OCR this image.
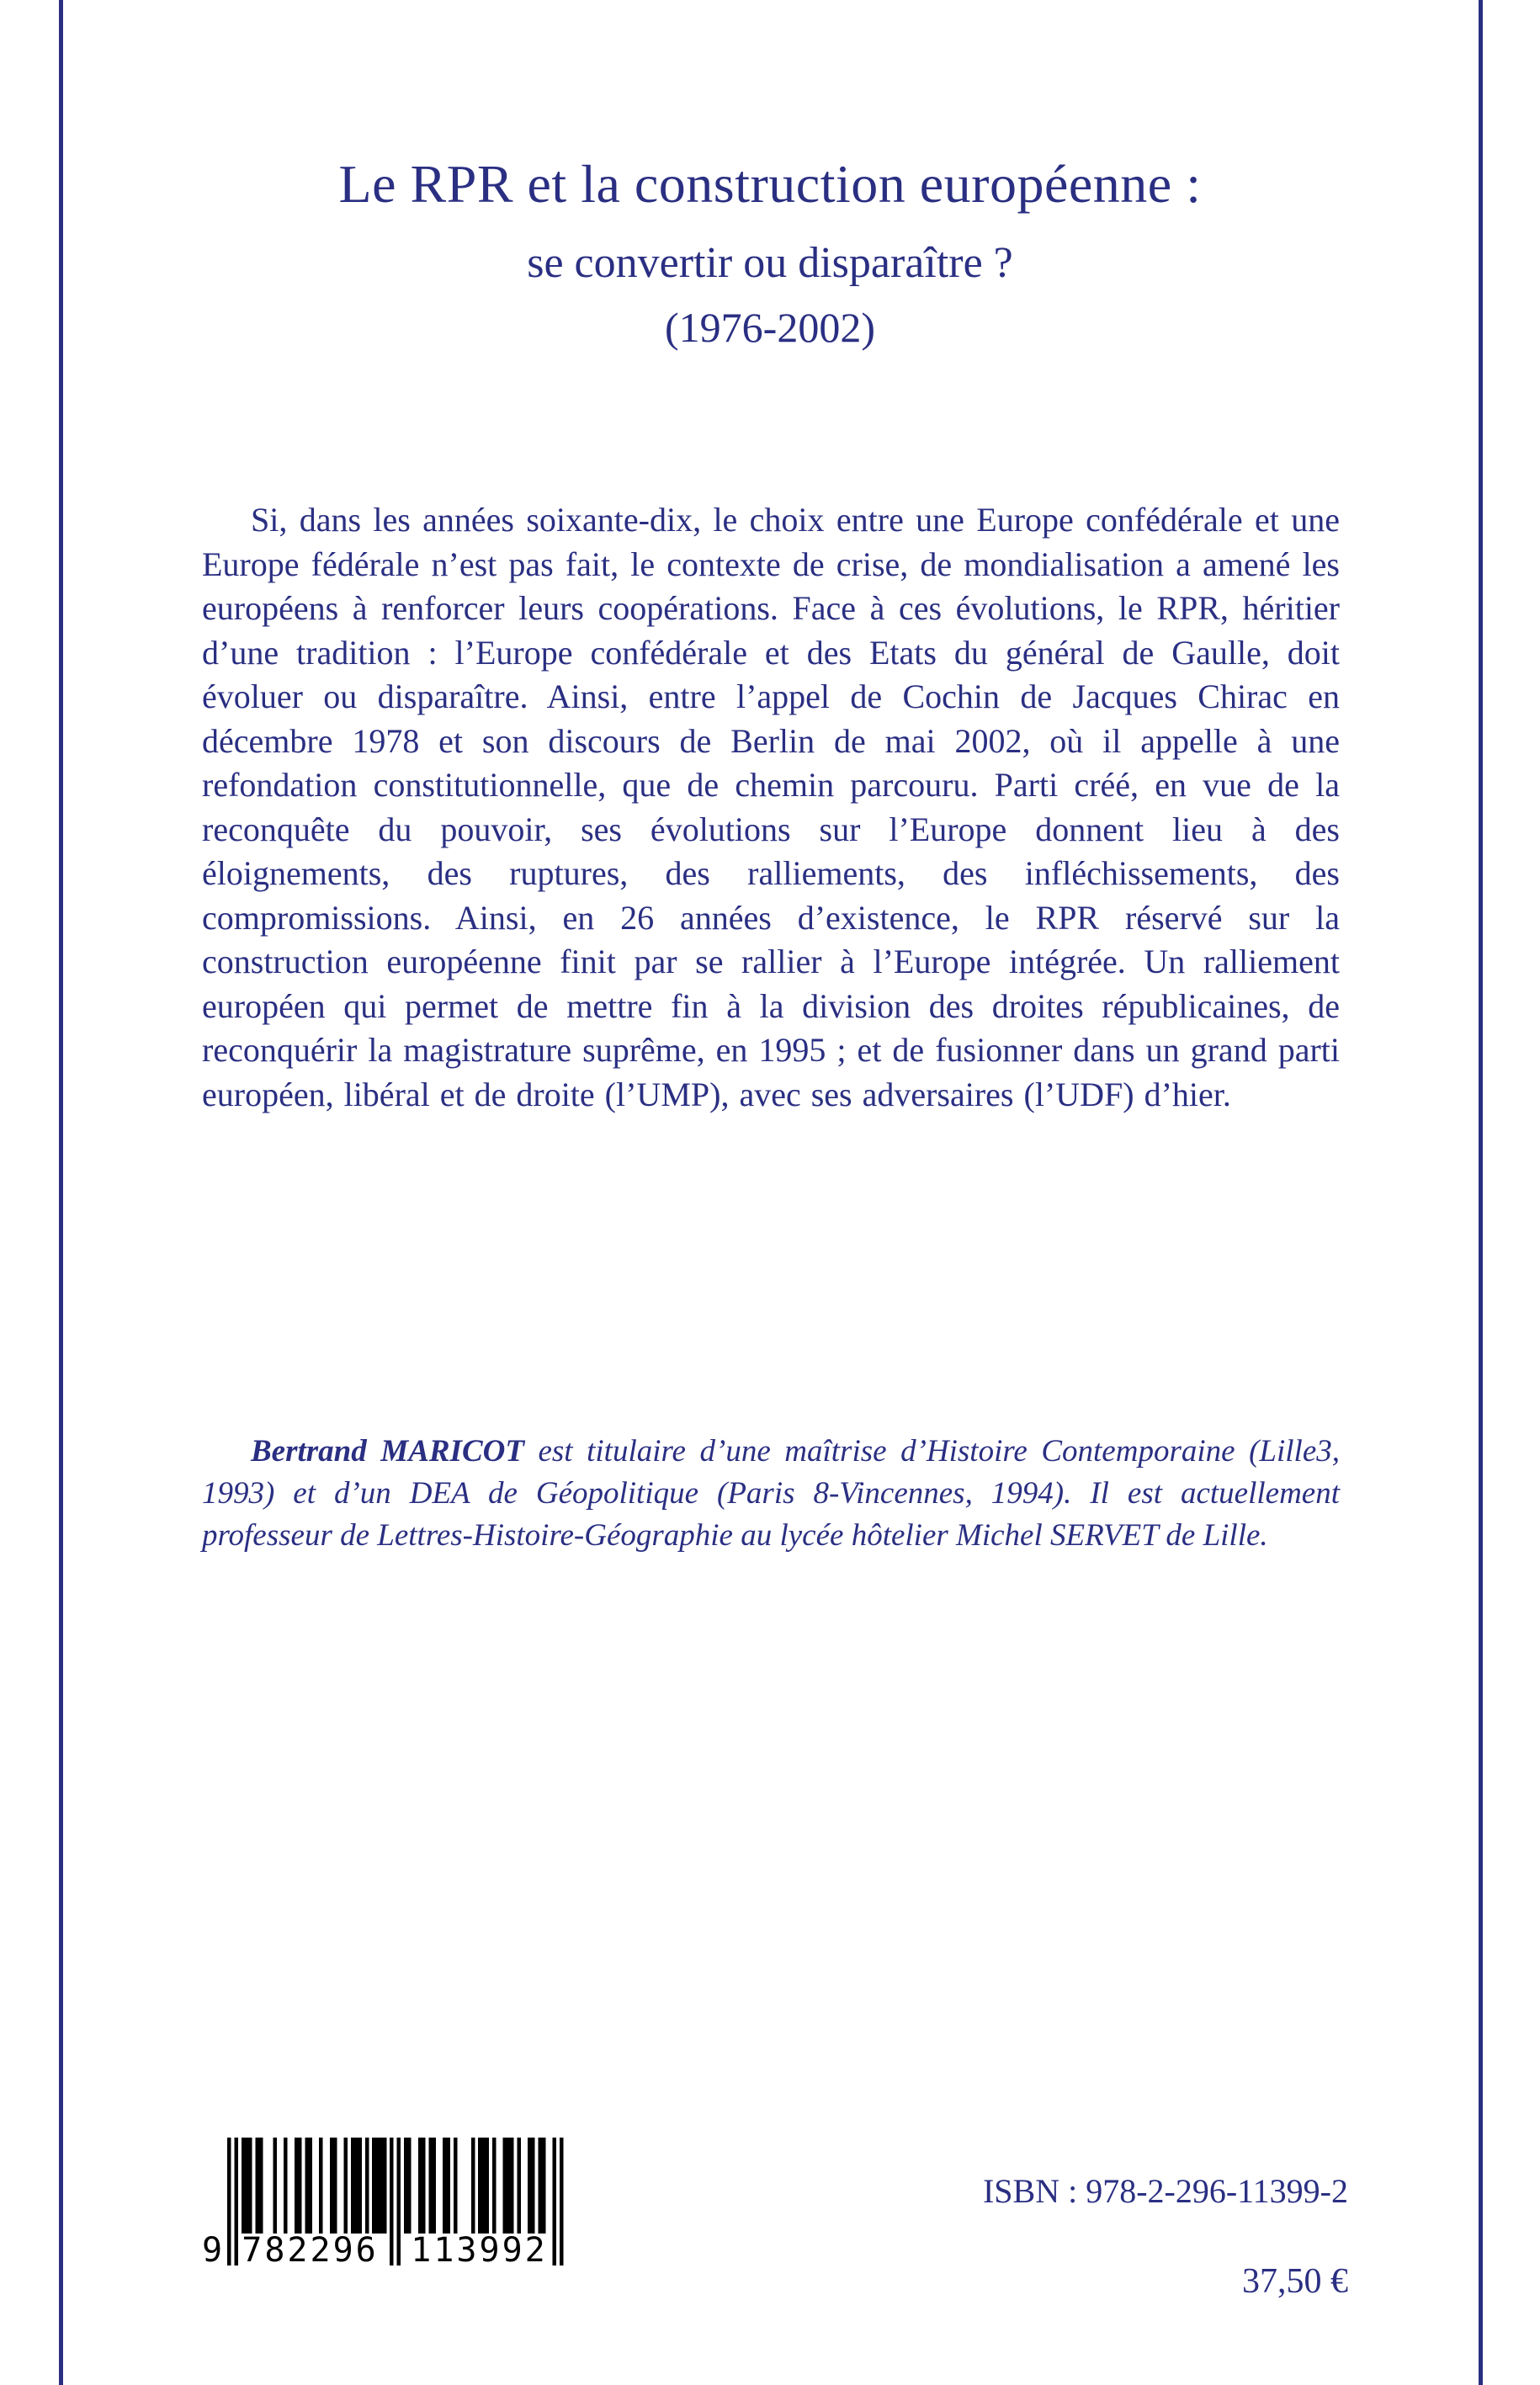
Le RPR et la construction européenne :
se convertir ou disparaître ?
(1976-2002)

Si, dans les années soixante-dix, le choix entre une Europe confédérale et une Europe fédérale n’est pas fait, le contexte de crise, de mondialisation a amené les européens à renforcer leurs coopérations. Face à ces évolutions, le RPR, héritier d’une tradition : l’Europe confédérale et des Etats du général de Gaulle, doit évoluer ou disparaître. Ainsi, entre l’appel de Cochin de Jacques Chirac en décembre 1978 et son discours de Berlin de mai 2002, où il appelle à une refondation constitutionnelle, que de chemin parcouru. Parti créé, en vue de la reconquête du pouvoir, ses évolutions sur l’Europe donnent lieu à des éloignements, des ruptures, des ralliements, des infléchissements, des compromissions. Ainsi, en 26 années d’existence, le RPR réservé sur la construction européenne finit par se rallier à l’Europe intégrée. Un ralliement européen qui permet de mettre fin à la division des droites républicaines, de reconquérir la magistrature suprême, en 1995 ; et de fusionner dans un grand parti européen, libéral et de droite (l’UMP), avec ses adversaires (l’UDF) d’hier.

Bertrand MARICOT est titulaire d’une maîtrise d’Histoire Contemporaine (Lille3, 1993) et d’un DEA de Géopolitique (Paris 8-Vincennes, 1994). Il est actuellement professeur de Lettres-Histoire-Géographie au lycée hôtelier Michel SERVET de Lille.

9 782296 113992
ISBN : 978-2-296-11399-2
37,50 €
